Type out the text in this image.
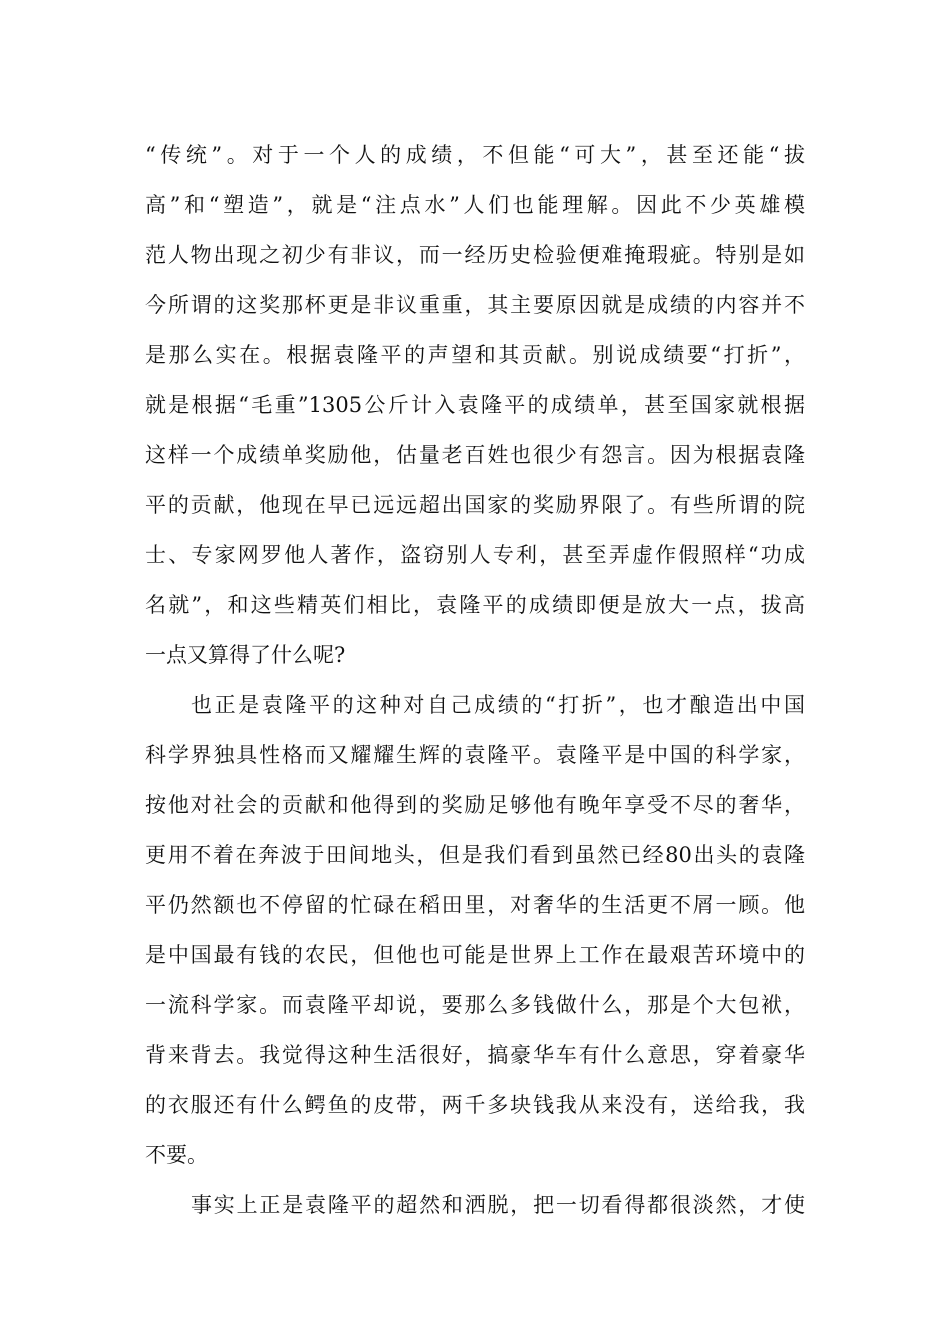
“传统”。对于一个人的成绩，不但能“可大”，甚至还能“拔
高”和“塑造”，就是“注点水”人们也能理解。因此不少英雄模
范人物出现之初少有非议，而一经历史检验便难掩瑕疵。特别是如
今所谓的这奖那杯更是非议重重，其主要原因就是成绩的内容并不
是那么实在。根据袁隆平的声望和其贡献。别说成绩要“打折”，
就是根据“毛重”1305公斤计入袁隆平的成绩单，甚至国家就根据
这样一个成绩单奖励他，估量老百姓也很少有怨言。因为根据袁隆
平的贡献，他现在早已远远超出国家的奖励界限了。有些所谓的院
士、专家网罗他人著作，盗窃别人专利，甚至弄虚作假照样“功成
名就”，和这些精英们相比，袁隆平的成绩即便是放大一点，拔高
一点又算得了什么呢?
也正是袁隆平的这种对自己成绩的“打折”，也才酿造出中国
科学界独具性格而又耀耀生辉的袁隆平。袁隆平是中国的科学家，
按他对社会的贡献和他得到的奖励足够他有晚年享受不尽的奢华，
更用不着在奔波于田间地头，但是我们看到虽然已经80出头的袁隆
平仍然额也不停留的忙碌在稻田里，对奢华的生活更不屑一顾。他
是中国最有钱的农民，但他也可能是世界上工作在最艰苦环境中的
一流科学家。而袁隆平却说，要那么多钱做什么，那是个大包袱，
背来背去。我觉得这种生活很好，搞豪华车有什么意思，穿着豪华
的衣服还有什么鳄鱼的皮带，两千多块钱我从来没有，送给我，我
不要。
事实上正是袁隆平的超然和洒脱，把一切看得都很淡然，才使
